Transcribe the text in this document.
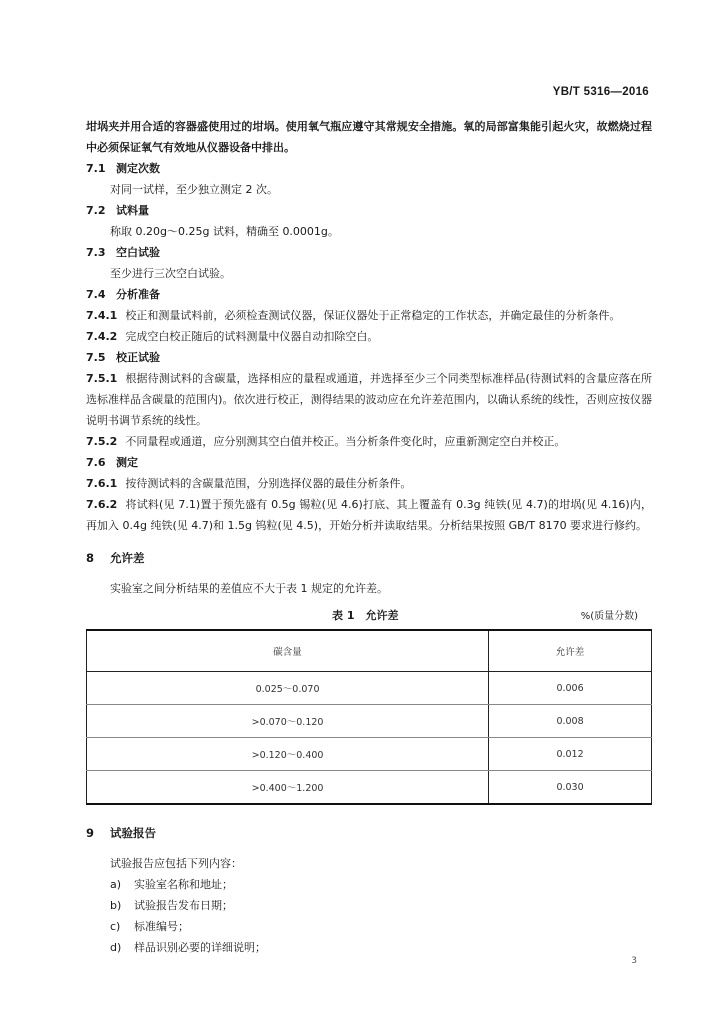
YB/T 5316—2016

坩埚夹并用合适的容器盛使用过的坩埚。使用氧气瓶应遵守其常规安全措施。氧的局部富集能引起火灾，故燃烧过程中必须保证氧气有效地从仪器设备中排出。

7.1 测定次数

对同一试样，至少独立测定 2 次。

7.2 试料量

称取 0.20g～0.25g 试料，精确至 0.0001g。

7.3 空白试验

至少进行三次空白试验。

7.4 分析准备

7.4.1 校正和测量试料前，必须检查测试仪器，保证仪器处于正常稳定的工作状态，并确定最佳的分析条件。

7.4.2 完成空白校正随后的试料测量中仪器自动扣除空白。

7.5 校正试验

7.5.1 根据待测试料的含碳量，选择相应的量程或通道，并选择至少三个同类型标准样品(待测试料的含量应落在所选标准样品含碳量的范围内)。依次进行校正，测得结果的波动应在允许差范围内，以确认系统的线性，否则应按仪器说明书调节系统的线性。

7.5.2 不同量程或通道，应分别测其空白值并校正。当分析条件变化时，应重新测定空白并校正。

7.6 测定

7.6.1 按待测试料的含碳量范围，分别选择仪器的最佳分析条件。

7.6.2 将试料(见 7.1)置于预先盛有 0.5g 锡粒(见 4.6)打底、其上覆盖有 0.3g 纯铁(见 4.7)的坩埚(见 4.16)内，再加入 0.4g 纯铁(见 4.7)和 1.5g 钨粒(见 4.5)，开始分析并读取结果。分析结果按照 GB/T 8170 要求进行修约。

8 允许差

实验室之间分析结果的差值应不大于表 1 规定的允许差。

表 1　允许差	%(质量分数)
碳含量	允许差
0.025～0.070	0.006
>0.070～0.120	0.008
>0.120～0.400	0.012
>0.400～1.200	0.030

9 试验报告

试验报告应包括下列内容：

a) 实验室名称和地址；
b) 试验报告发布日期；
c) 标准编号；
d) 样品识别必要的详细说明；
3
